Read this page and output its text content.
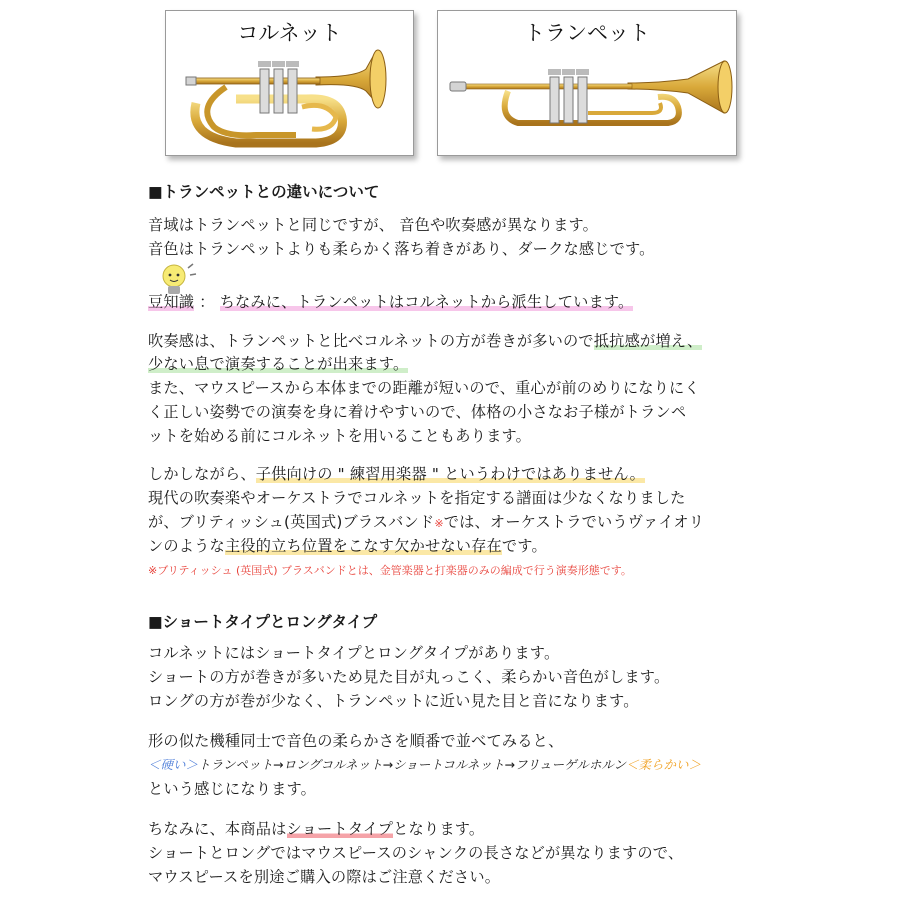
コルネット	トランペット
■トランペットとの違いについて
音域はトランペットと同じですが、 音色や吹奏感が異なります。
音色はトランペットよりも柔らかく落ち着きがあり、ダークな感じです。
豆知識 ： ちなみに、トランペットはコルネットから派生しています。
吹奏感は、トランペットと比べコルネットの方が巻きが多いので抵抗感が増え、
少ない息で演奏することが出来ます。
また、マウスピースから本体までの距離が短いので、重心が前のめりになりにく
く正しい姿勢での演奏を身に着けやすいので、体格の小さなお子様がトランペ
ットを始める前にコルネットを用いることもあります。
しかしながら、子供向けの " 練習用楽器 " というわけではありません。
現代の吹奏楽やオーケストラでコルネットを指定する譜面は少なくなりました
が、ブリティッシュ(英国式)ブラスバンド※では、オーケストラでいうヴァイオリ
ンのような主役的立ち位置をこなす欠かせない存在です。
※ブリティッシュ (英国式) ブラスバンドとは、金管楽器と打楽器のみの編成で行う演奏形態です。
■ショートタイプとロングタイプ
コルネットにはショートタイプとロングタイプがあります。
ショートの方が巻きが多いため見た目が丸っこく、柔らかい音色がします。
ロングの方が巻が少なく、トランペットに近い見た目と音になります。
形の似た機種同士で音色の柔らかさを順番で並べてみると、
＜硬い＞トランペット→ロングコルネット→ショートコルネット→フリューゲルホルン＜柔らかい＞
という感じになります。
ちなみに、本商品はショートタイプとなります。
ショートとロングではマウスピースのシャンクの長さなどが異なりますので、
マウスピースを別途ご購入の際はご注意ください。
